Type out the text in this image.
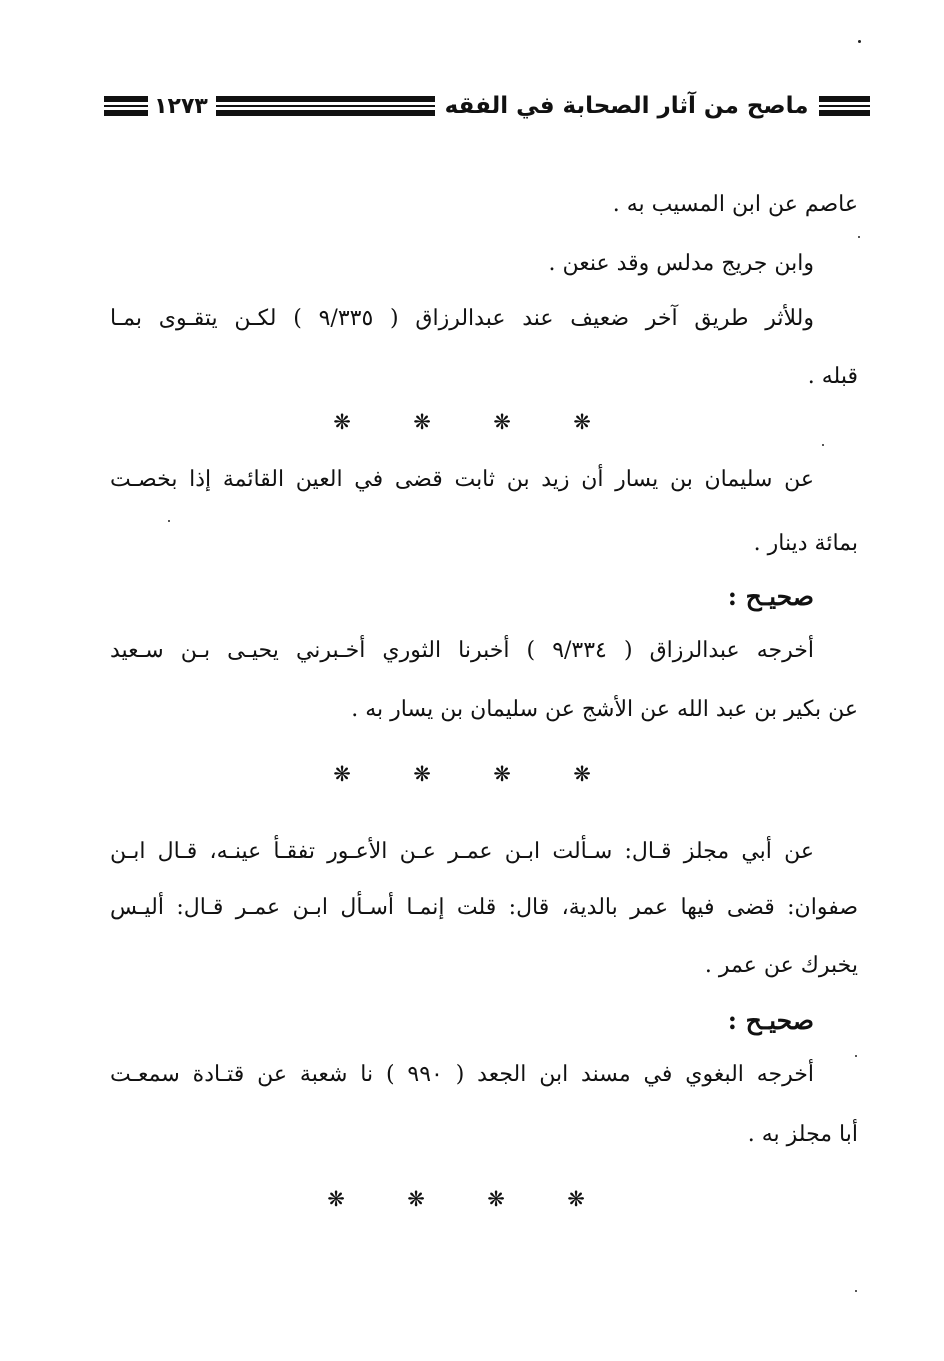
١٢٧٣	ماصح من آثار الصحابة في الفقه
عاصم عن ابن المسيب به .
وابن جريج مدلس وقد عنعن .
وللأثر طريق آخر ضعيف عند عبدالرزاق ( ٩/٣٣٥ ) لكـن يتقـوى بمـا
قبله .
❋	❋	❋	❋
عن سليمان بن يسار أن زيد بن ثابت قضى في العين القائمة إذا بخصـت
بمائة دينار .
صحيـح :
أخرجه عبدالرزاق ( ٩/٣٣٤ ) أخبرنا الثوري أخـبرني يحيـى بـن سـعيد
عن بكير بن عبد الله عن الأشج عن سليمان بن يسار به .
❋	❋	❋	❋
عن أبي مجلز قـال: سـألت ابـن عمـر عـن الأعـور تفقـأ عينـه، قـال ابـن
صفوان: قضى فيها عمر بالدية، قال: قلت إنمـا أسـأل ابـن عمـر قـال: أليـس
يخبرك عن عمر .
صحيـح :
أخرجه البغوي في مسند ابن الجعد ( ٩٩٠ ) نا شعبة عن قتـادة سمعـت
أبا مجلز به .
❋	❋	❋	❋
